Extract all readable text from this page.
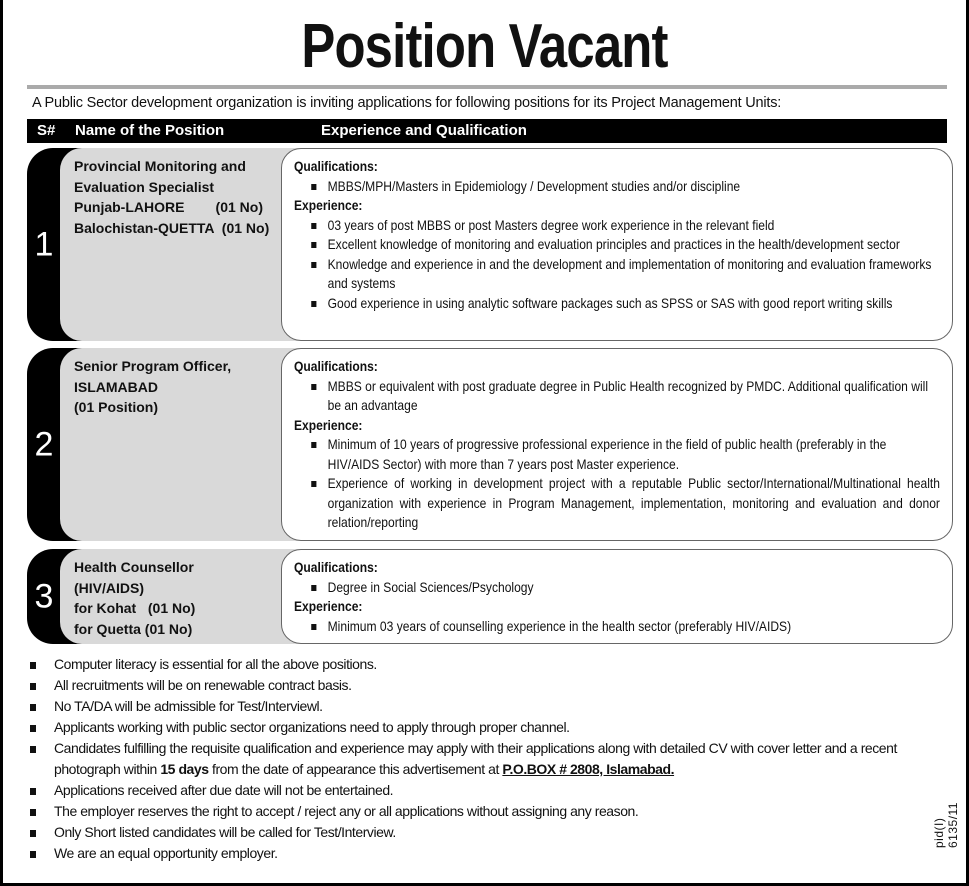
Position Vacant
A Public Sector development organization is inviting applications for following positions for its Project Management Units:
S# Name of the Position	Experience and Qualification
1
Provincial Monitoring and
Evaluation Specialist
Punjab-LAHORE        (01 No)
Balochistan-QUETTA  (01 No)
Qualifications:
MBBS/MPH/Masters in Epidemiology / Development studies and/or discipline
Experience:
03 years of post MBBS or post Masters degree work experience in the relevant field
Excellent knowledge of monitoring and evaluation principles and practices in the health/development sector
Knowledge and experience in and the development and implementation of monitoring and evaluation frameworks and systems
Good experience in using analytic software packages such as SPSS or SAS with good report writing skills
2
Senior Program Officer,
ISLAMABAD
(01 Position)
Qualifications:
MBBS or equivalent with post graduate degree in Public Health recognized by PMDC. Additional qualification will be an advantage
Experience:
Minimum of 10 years of progressive professional experience in the field of public health (preferably in the HIV/AIDS Sector) with more than 7 years post Master experience.
Experience of working in development project with a reputable Public sector/International/Multinational health organization with experience in Program Management, implementation, monitoring and evaluation and donor relation/reporting
3
Health Counsellor
(HIV/AIDS)
for Kohat   (01 No)
for Quetta (01 No)
Qualifications:
Degree in Social Sciences/Psychology
Experience:
Minimum 03 years of counselling experience in the health sector (preferably HIV/AIDS)
Computer literacy is essential for all the above positions.
All recruitments will be on renewable contract basis.
No TA/DA will be admissible for Test/Interviewl.
Applicants working with public sector organizations need to apply through proper channel.
Candidates fulfilling the requisite qualification and experience may apply with their applications along with detailed CV with cover letter and a recent photograph within 15 days from the date of appearance this advertisement at P.O.BOX # 2808, Islamabad.
Applications received after due date will not be entertained.
The employer reserves the right to accept / reject any or all applications without assigning any reason.
Only Short listed candidates will be called for Test/Interview.
We are an equal opportunity employer.
pid(I) 6135/11
